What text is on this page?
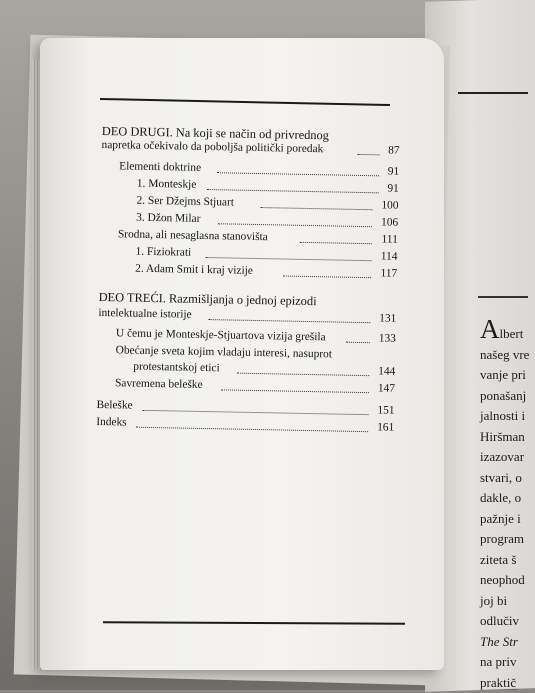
Albert
našeg vre
vanje pri
ponašanj
jalnosti i
Hiršman
izazovar
stvari, o
dakle, o
pažnje i
program
ziteta š
neophod
joj bi
odlučiv
The Str
na priv
praktič
DEO DRUGI. Na koji se način od privrednog
napretka očekivalo da poboljša politički poredak	87
Elementi doktrine	91
1. Monteskje	91
2. Ser Džejms Stjuart	100
3. Džon Milar	106
Srodna, ali nesaglasna stanovišta	111
1. Fiziokrati	114
2. Adam Smit i kraj vizije	117
DEO TREĆI. Razmišljanja o jednoj epizodi
intelektualne istorije	131
U čemu je Monteskje-Stjuartova vizija grešila	133
Obećanje sveta kojim vladaju interesi, nasuprot
protestantskoj etici	144
Savremena beleške	147
Beleške	151
Indeks	161
